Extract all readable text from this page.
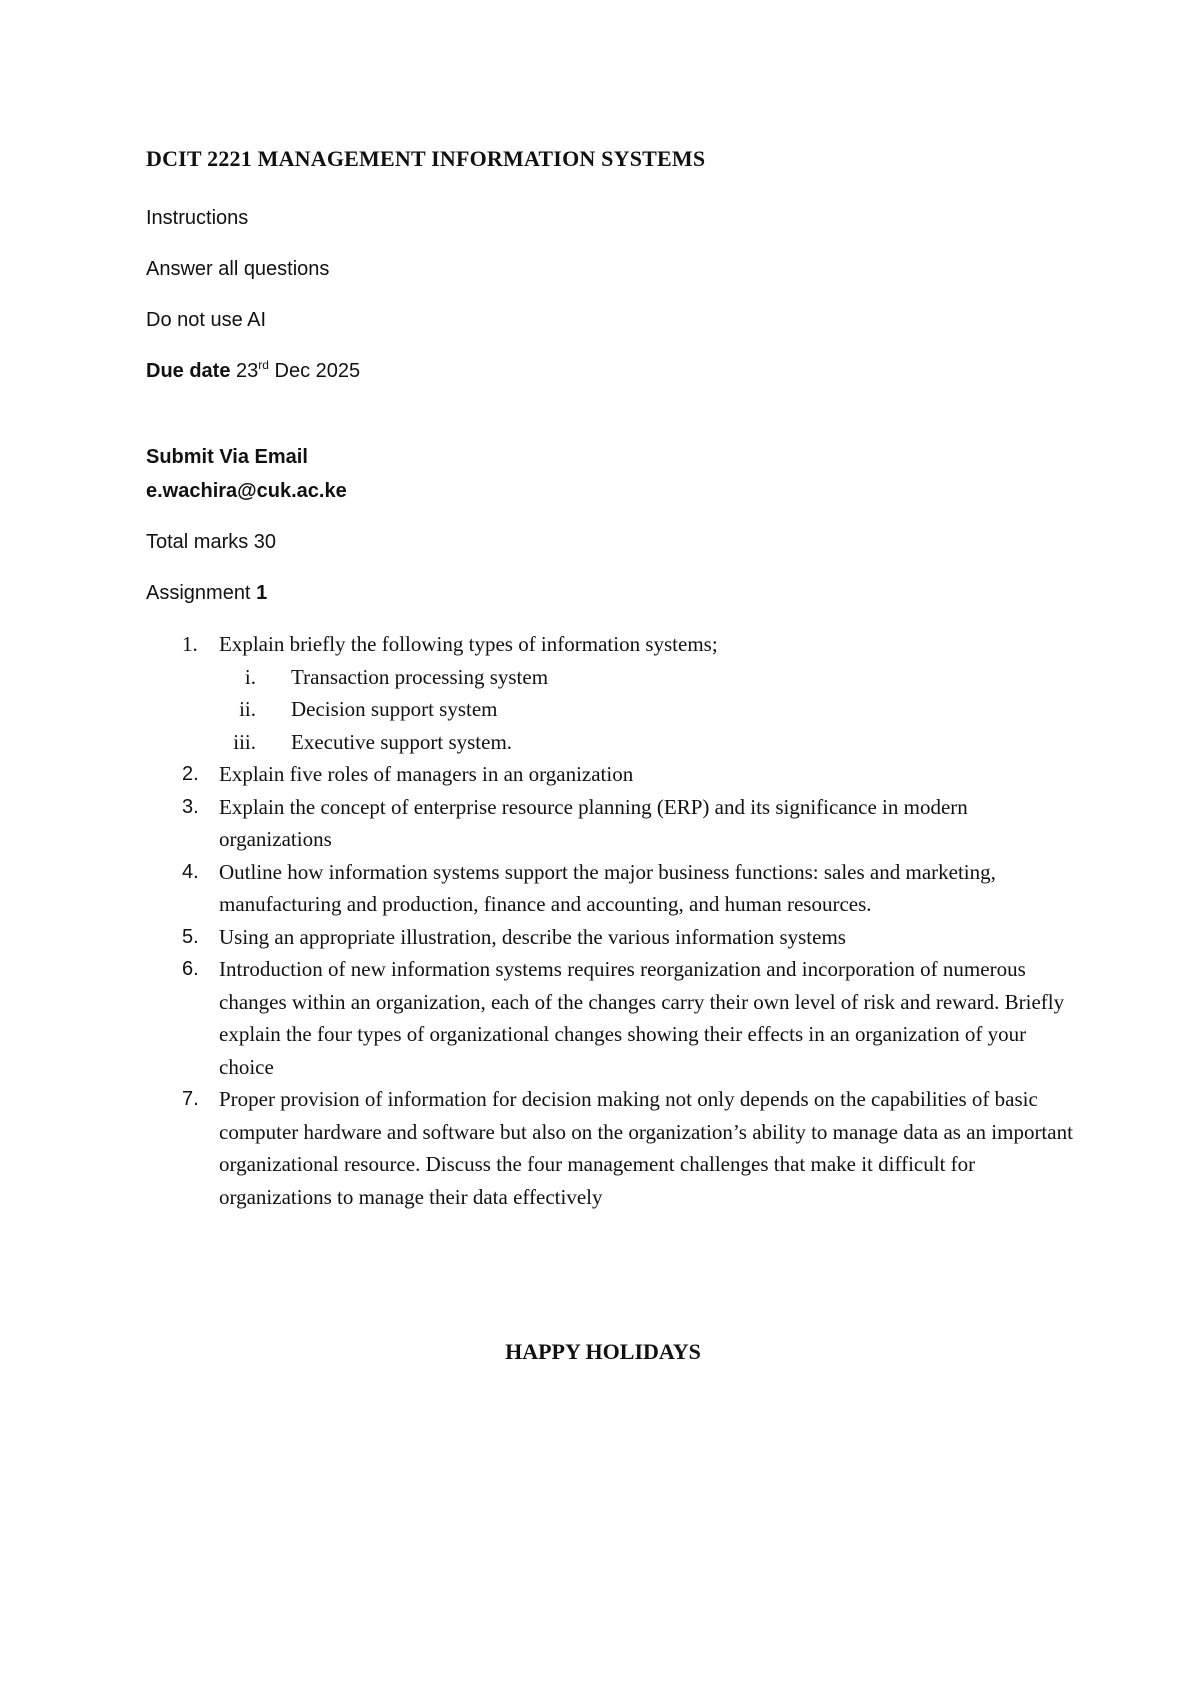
DCIT 2221 MANAGEMENT INFORMATION SYSTEMS
Instructions
Answer all questions
Do not use AI
Due date 23rd Dec 2025
Submit Via Email
e.wachira@cuk.ac.ke
Total marks 30
Assignment 1
1. Explain briefly the following types of information systems;
i. Transaction processing system
ii. Decision support system
iii. Executive support system.
2. Explain five roles of managers in an organization
3. Explain the concept of enterprise resource planning (ERP) and its significance in modern organizations
4. Outline how information systems support the major business functions: sales and marketing, manufacturing and production, finance and accounting, and human resources.
5. Using an appropriate illustration, describe the various information systems
6. Introduction of new information systems requires reorganization and incorporation of numerous changes within an organization, each of the changes carry their own level of risk and reward. Briefly explain the four types of organizational changes showing their effects in an organization of your choice
7. Proper provision of information for decision making not only depends on the capabilities of basic computer hardware and software but also on the organization’s ability to manage data as an important organizational resource. Discuss the four management challenges that make it difficult for organizations to manage their data effectively
HAPPY HOLIDAYS
